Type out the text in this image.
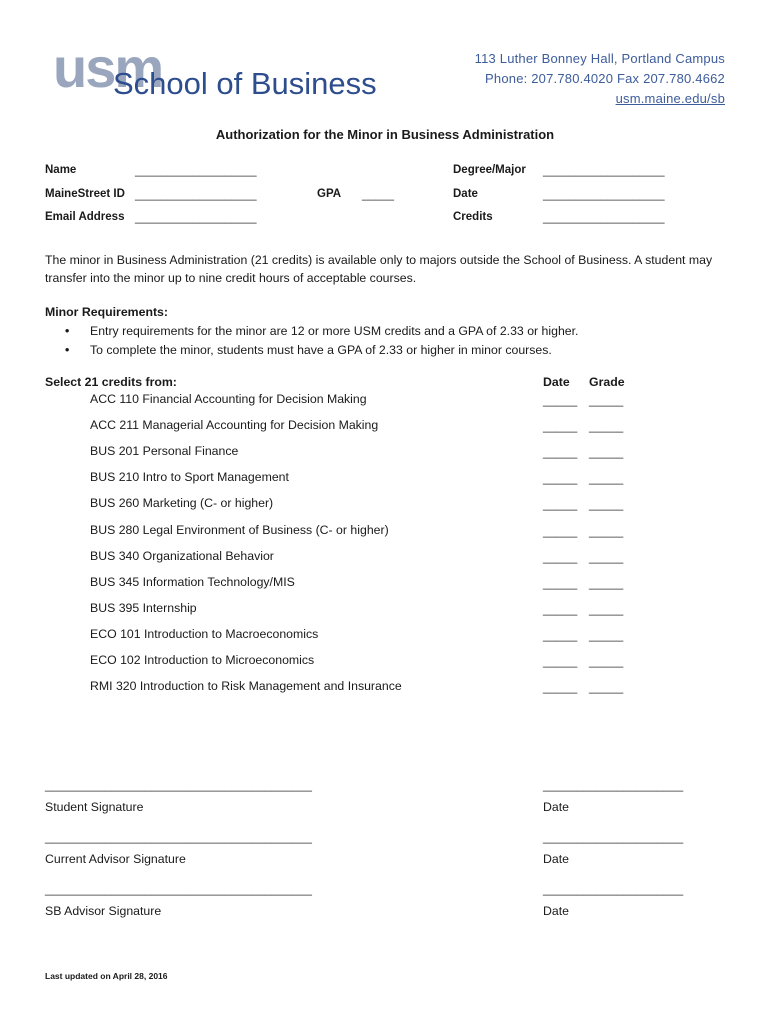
usm
School of Business
113 Luther Bonney Hall, Portland Campus
Phone: 207.780.4020 Fax 207.780.4662
usm.maine.edu/sb
Authorization for the Minor in Business Administration
Name	___________________	Degree/Major ___________________
MaineStreet ID ___________________	GPA _____	Date	___________________
Email Address ___________________	Credits	___________________
The minor in Business Administration (21 credits) is available only to majors outside the School of Business. A student may transfer into the minor up to nine credit hours of acceptable courses.
Minor Requirements:
• Entry requirements for the minor are 12 or more USM credits and a GPA of 2.33 or higher.
• To complete the minor, students must have a GPA of 2.33 or higher in minor courses.
Select 21 credits from:	Date Grade
ACC 110 Financial Accounting for Decision Making	_____ _____
ACC 211 Managerial Accounting for Decision Making	_____ _____
BUS 201 Personal Finance	_____ _____
BUS 210 Intro to Sport Management	_____ _____
BUS 260 Marketing (C- or higher)	_____ _____
BUS 280 Legal Environment of Business (C- or higher)	_____ _____
BUS 340 Organizational Behavior	_____ _____
BUS 345 Information Technology/MIS	_____ _____
BUS 395 Internship	_____ _____
ECO 101 Introduction to Macroeconomics	_____ _____
ECO 102 Introduction to Microeconomics	_____ _____
RMI 320 Introduction to Risk Management and Insurance	_____ _____
________________________________________	_____________________
Student Signature	Date
________________________________________	_____________________
Current Advisor Signature	Date
________________________________________	_____________________
SB Advisor Signature	Date
Last updated on April 28, 2016
